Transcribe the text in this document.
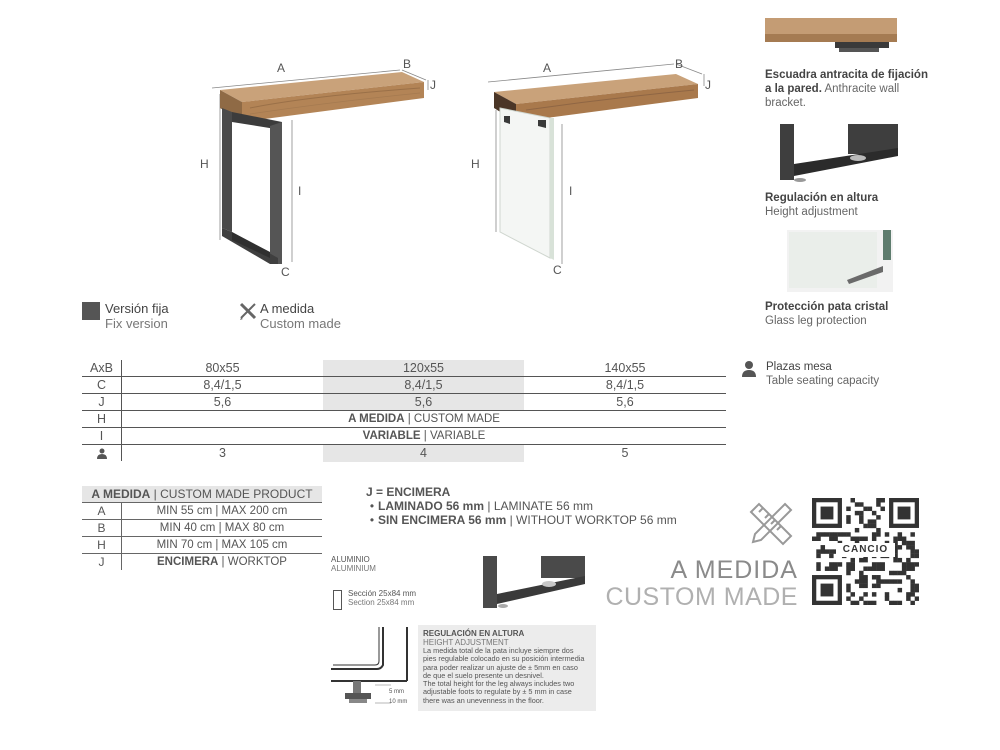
A	B
J
H
I
C
A	B
J
H
I
C
Escuadra antracita de fijación
a la pared. Anthracite wall
bracket.
Regulación en altura
Height adjustment
Protección pata cristal
Glass leg protection
Versión fija
Fix version
A medida
Custom made
Plazas mesa
Table seating capacity
AxB	80x55	120x55	140x55
C	8,4/1,5	8,4/1,5	8,4/1,5
J	5,6	5,6	5,6
H	A MEDIDA | CUSTOM MADE
I	VARIABLE | VARIABLE
3	4	5
A MEDIDA | CUSTOM MADE PRODUCT
A	MIN 55 cm | MAX 200 cm
B	MIN 40 cm | MAX 80 cm
H	MIN 70 cm | MAX 105 cm
J	ENCIMERA | WORKTOP
J = ENCIMERA
• LAMINADO 56 mm | LAMINATE 56 mm
• SIN ENCIMERA 56 mm | WITHOUT WORKTOP 56 mm
ALUMINIO
ALUMINIUM
Sección 25x84 mm
Section 25x84 mm
5 mm
10 mm
REGULACIÓN EN ALTURA
HEIGHT ADJUSTMENT
La medida total de la pata incluye siempre dos
pies regulable colocado en su posición intermedia
para poder realizar un ajuste de ± 5mm en caso
de que el suelo presente un desnivel.
The total height for the leg always includes two
adjustable foots to regulate by ± 5 mm in case
there was an unevenness in the floor.
A MEDIDA
CUSTOM MADE
CANCIO
